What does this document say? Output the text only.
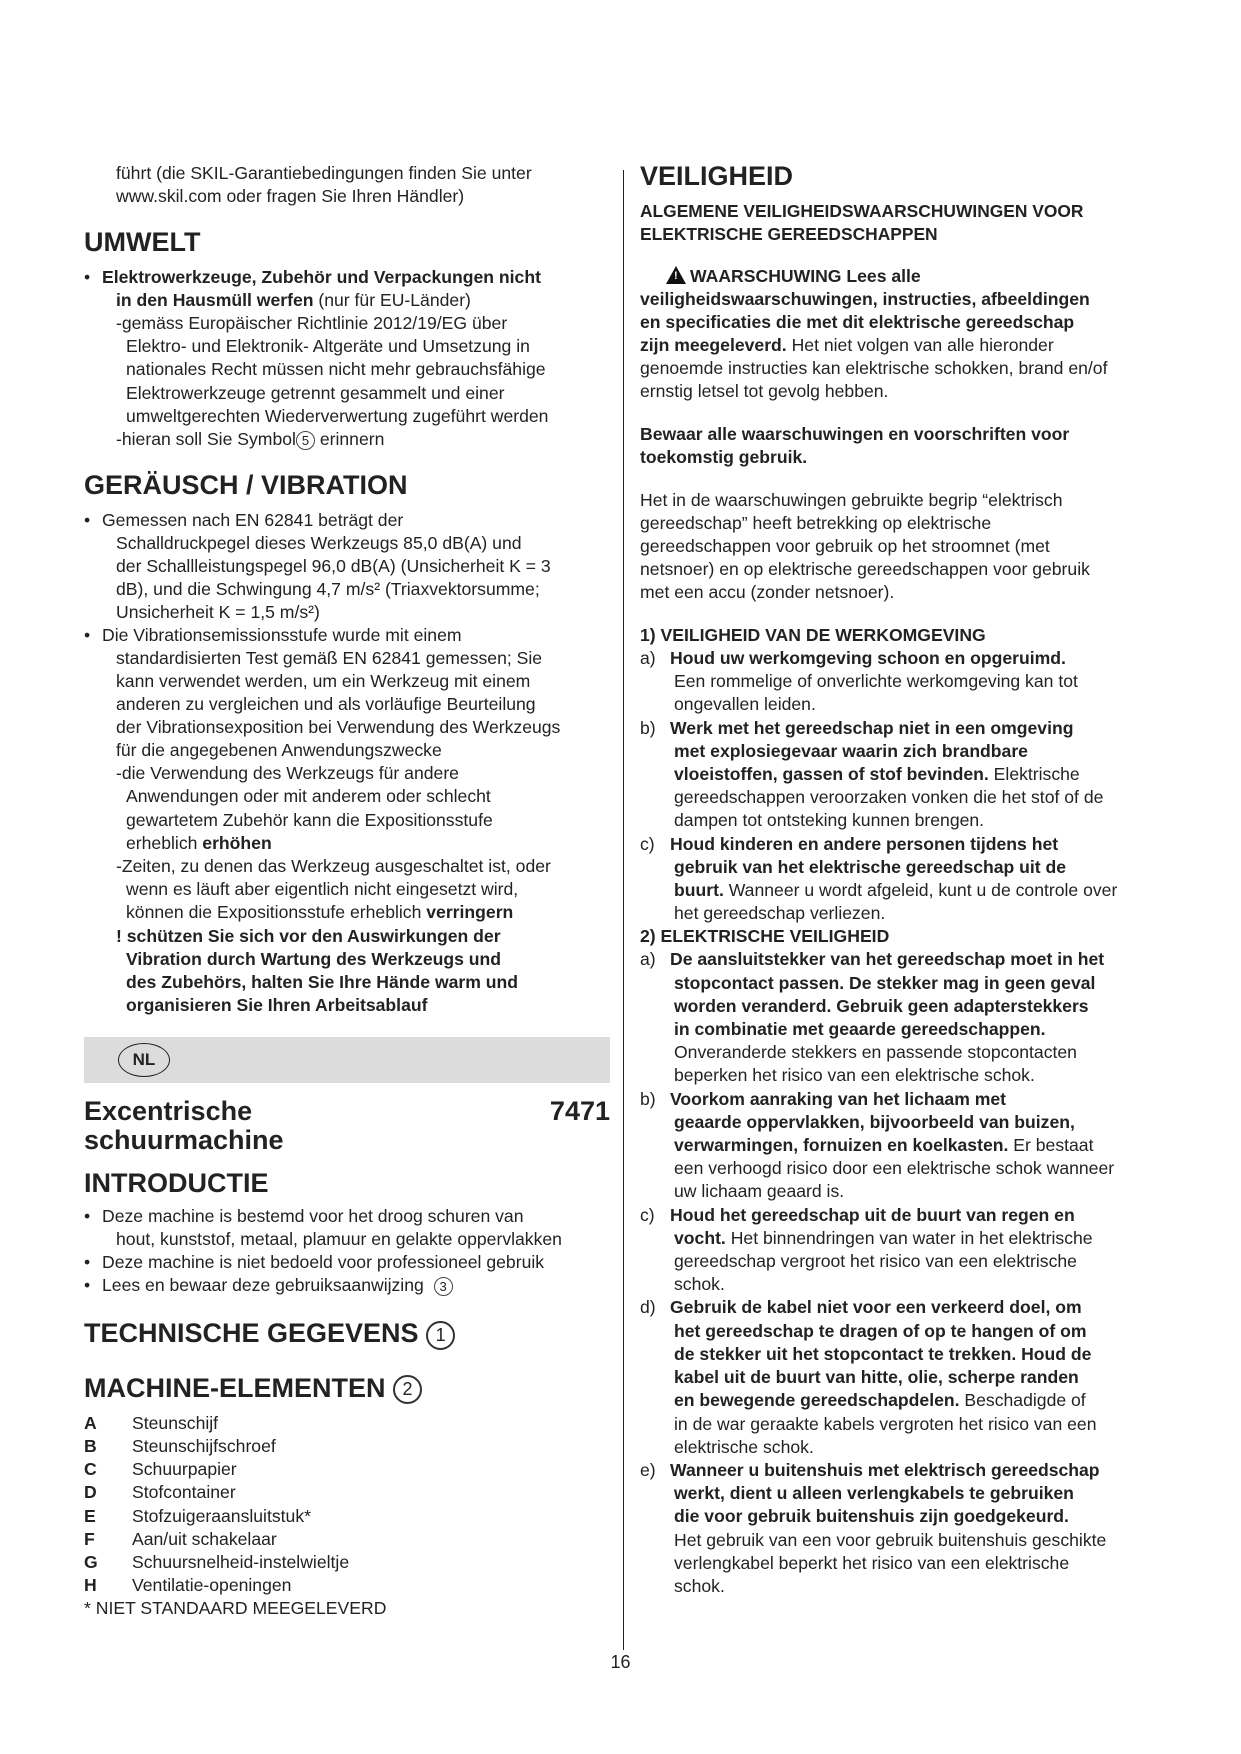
führt (die SKIL-Garantiebedingungen finden Sie unter

www.skil.com oder fragen Sie Ihren Händler)

UMWELT
• Elektrowerkzeuge, Zubehör und Verpackungen nicht
in den Hausmüll werfen (nur für EU-Länder)
-gemäss Europäischer Richtlinie 2012/19/EG über
Elektro- und Elektronik- Altgeräte und Umsetzung in
nationales Recht müssen nicht mehr gebrauchsfähige
Elektrowerkzeuge getrennt gesammelt und einer
umweltgerechten Wiederverwertung zugeführt werden
-hieran soll Sie Symbol 5 erinnern
GERÄUSCH / VIBRATION
• Gemessen nach EN 62841 beträgt der
Schalldruckpegel dieses Werkzeugs 85,0 dB(A) und
der Schallleistungspegel 96,0 dB(A) (Unsicherheit K = 3
dB), und die Schwingung 4,7 m/s² (Triaxvektorsumme;
Unsicherheit K = 1,5 m/s²)
• Die Vibrationsemissionsstufe wurde mit einem
standardisierten Test gemäß EN 62841 gemessen; Sie
kann verwendet werden, um ein Werkzeug mit einem
anderen zu vergleichen und als vorläufige Beurteilung
der Vibrationsexposition bei Verwendung des Werkzeugs
für die angegebenen Anwendungszwecke
-die Verwendung des Werkzeugs für andere
Anwendungen oder mit anderem oder schlecht
gewartetem Zubehör kann die Expositionsstufe
erheblich erhöhen
-Zeiten, zu denen das Werkzeug ausgeschaltet ist, oder
wenn es läuft aber eigentlich nicht eingesetzt wird,
können die Expositionsstufe erheblich verringern
! schützen Sie sich vor den Auswirkungen der
Vibration durch Wartung des Werkzeugs und
des Zubehörs, halten Sie Ihre Hände warm und
organisieren Sie Ihren Arbeitsablauf
NL
Excentrische	7471
schuurmachine
INTRODUCTIE
• Deze machine is bestemd voor het droog schuren van
hout, kunststof, metaal, plamuur en gelakte oppervlakken
• Deze machine is niet bedoeld voor professioneel gebruik
• Lees en bewaar deze gebruiksaanwijzing 3
TECHNISCHE GEGEVENS 1
MACHINE-ELEMENTEN 2
A	Steunschijf
B	Steunschijfschroef
C	Schuurpapier
D	Stofcontainer
E	Stofzuigeraansluitstuk*
F	Aan/uit schakelaar
G	Schuursnelheid-instelwieltje
H	Ventilatie-openingen
* NIET STANDAARD MEEGELEVERD
VEILIGHEID
ALGEMENE VEILIGHEIDSWAARSCHUWINGEN VOOR
ELEKTRISCHE GEREEDSCHAPPEN
! WAARSCHUWING Lees alle
veiligheidswaarschuwingen, instructies, afbeeldingen
en specificaties die met dit elektrische gereedschap
zijn meegeleverd. Het niet volgen van alle hieronder
genoemde instructies kan elektrische schokken, brand en/of
ernstig letsel tot gevolg hebben.
Bewaar alle waarschuwingen en voorschriften voor
toekomstig gebruik.
Het in de waarschuwingen gebruikte begrip “elektrisch
gereedschap” heeft betrekking op elektrische
gereedschappen voor gebruik op het stroomnet (met
netsnoer) en op elektrische gereedschappen voor gebruik
met een accu (zonder netsnoer).
1) VEILIGHEID VAN DE WERKOMGEVING
a) Houd uw werkomgeving schoon en opgeruimd.
Een rommelige of onverlichte werkomgeving kan tot
ongevallen leiden.
b) Werk met het gereedschap niet in een omgeving
met explosiegevaar waarin zich brandbare
vloeistoffen, gassen of stof bevinden. Elektrische
gereedschappen veroorzaken vonken die het stof of de
dampen tot ontsteking kunnen brengen.
c) Houd kinderen en andere personen tijdens het
gebruik van het elektrische gereedschap uit de
buurt. Wanneer u wordt afgeleid, kunt u de controle over
het gereedschap verliezen.
2) ELEKTRISCHE VEILIGHEID
a) De aansluitstekker van het gereedschap moet in het
stopcontact passen. De stekker mag in geen geval
worden veranderd. Gebruik geen adapterstekkers
in combinatie met geaarde gereedschappen.
Onveranderde stekkers en passende stopcontacten
beperken het risico van een elektrische schok.
b) Voorkom aanraking van het lichaam met
geaarde oppervlakken, bijvoorbeeld van buizen,
verwarmingen, fornuizen en koelkasten. Er bestaat
een verhoogd risico door een elektrische schok wanneer
uw lichaam geaard is.
c) Houd het gereedschap uit de buurt van regen en
vocht. Het binnendringen van water in het elektrische
gereedschap vergroot het risico van een elektrische
schok.
d) Gebruik de kabel niet voor een verkeerd doel, om
het gereedschap te dragen of op te hangen of om
de stekker uit het stopcontact te trekken. Houd de
kabel uit de buurt van hitte, olie, scherpe randen
en bewegende gereedschapdelen. Beschadigde of
in de war geraakte kabels vergroten het risico van een
elektrische schok.
e) Wanneer u buitenshuis met elektrisch gereedschap
werkt, dient u alleen verlengkabels te gebruiken
die voor gebruik buitenshuis zijn goedgekeurd.
Het gebruik van een voor gebruik buitenshuis geschikte
verlengkabel beperkt het risico van een elektrische
schok.
16
